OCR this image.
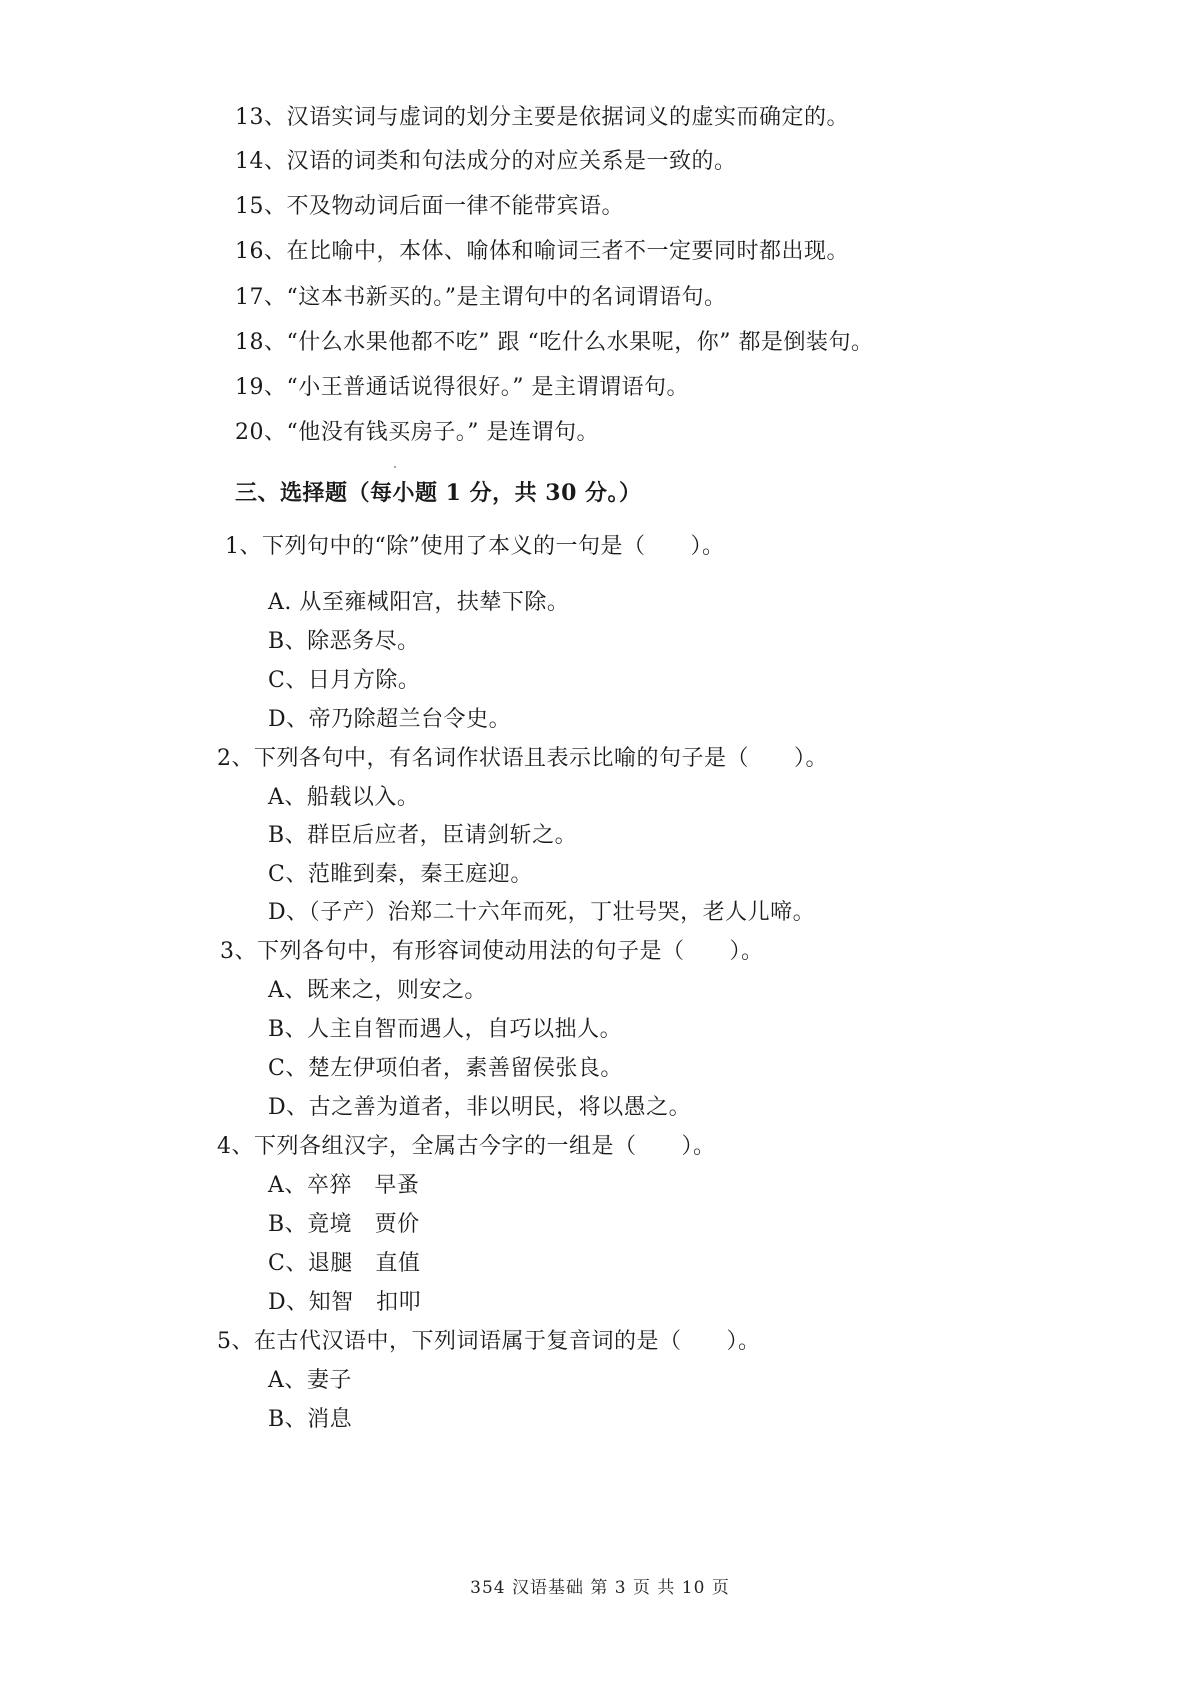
13、汉语实词与虚词的划分主要是依据词义的虚实而确定的。
14、汉语的词类和句法成分的对应关系是一致的。
15、不及物动词后面一律不能带宾语。
16、在比喻中，本体、喻体和喻词三者不一定要同时都出现。
17、“这本书新买的。”是主谓句中的名词谓语句。
18、“什么水果他都不吃” 跟 “吃什么水果呢，你” 都是倒装句。
19、“小王普通话说得很好。” 是主谓谓语句。
20、“他没有钱买房子。” 是连谓句。
三、选择题（每小题 1 分，共 30 分。）
1、下列句中的“除”使用了本义的一句是（　　）。
A. 从至雍棫阳宫，扶辇下除。
B、除恶务尽。
C、日月方除。
D、帝乃除超兰台令史。
2、下列各句中，有名词作状语且表示比喻的句子是（　　）。
A、船载以入。
B、群臣后应者，臣请剑斩之。
C、范睢到秦，秦王庭迎。
D、（子产）治郑二十六年而死，丁壮号哭，老人儿啼。
3、下列各句中，有形容词使动用法的句子是（　　）。
A、既来之，则安之。
B、人主自智而遇人，自巧以拙人。
C、楚左伊项伯者，素善留侯张良。
D、古之善为道者，非以明民，将以愚之。
4、下列各组汉字，全属古今字的一组是（　　）。
A、卒猝　早蚤
B、竟境　贾价
C、退腿　直值
D、知智　扣叩
5、在古代汉语中，下列词语属于复音词的是（　　）。
A、妻子
B、消息
354 汉语基础 第 3 页 共 10 页
